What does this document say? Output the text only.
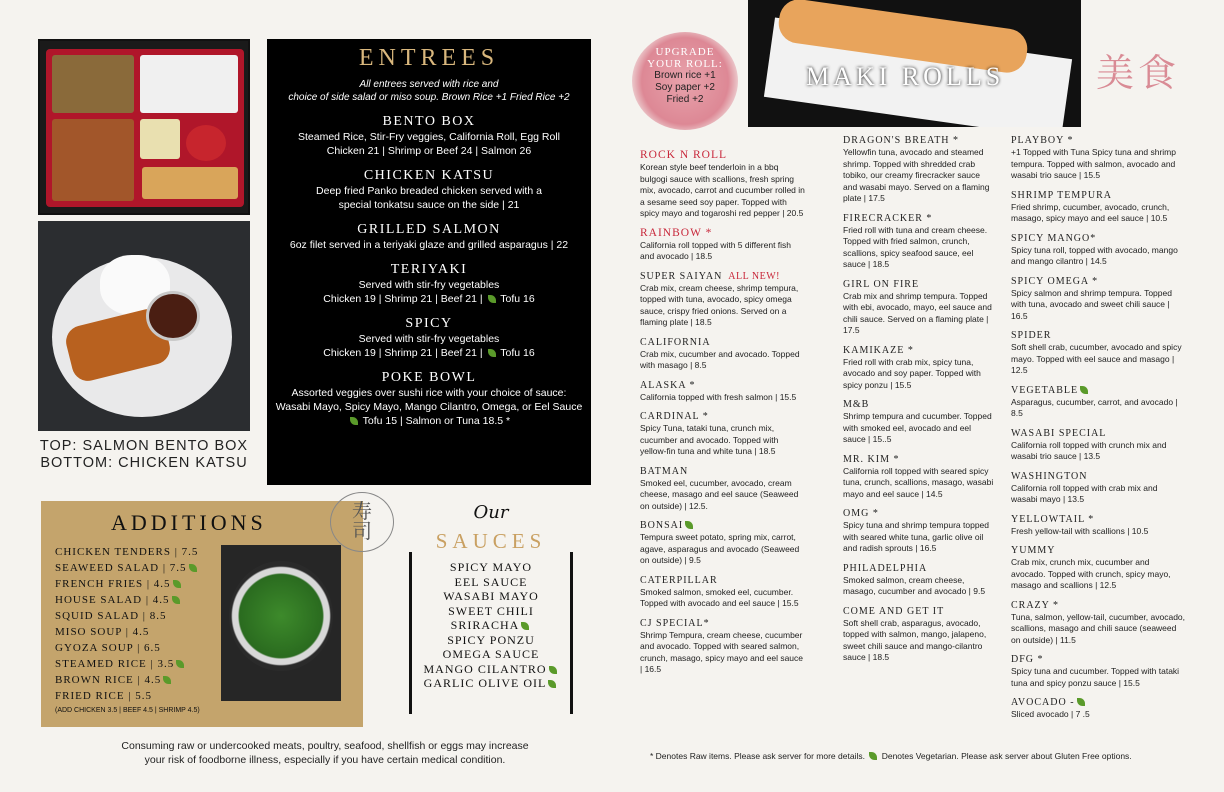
TOP: SALMON BENTO BOX
BOTTOM: CHICKEN KATSU
ENTREES
All entrees served with rice and
choice of side salad or miso soup. Brown Rice +1 Fried Rice +2
BENTO BOX
Steamed Rice, Stir-Fry veggies, California Roll, Egg Roll
Chicken 21 | Shrimp or Beef 24 | Salmon 26
CHICKEN KATSU
Deep fried Panko breaded chicken served with a
special tonkatsu sauce on the side | 21
GRILLED SALMON
6oz filet served in a teriyaki glaze and grilled asparagus | 22
TERIYAKI
Served with stir-fry vegetables
Chicken 19 | Shrimp 21 | Beef 21 | Tofu 16
SPICY
Served with stir-fry vegetables
Chicken 19 | Shrimp 21 | Beef 21 | Tofu 16
POKE BOWL
Assorted veggies over sushi rice with your choice of sauce:
Wasabi Mayo, Spicy Mayo, Mango Cilantro, Omega, or Eel Sauce
Tofu 15 | Salmon or Tuna 18.5 *
ADDITIONS
CHICKEN TENDERS | 7.5
SEAWEED SALAD | 7.5
FRENCH FRIES | 4.5
HOUSE SALAD | 4.5
SQUID SALAD | 8.5
MISO SOUP | 4.5
GYOZA SOUP | 6.5
STEAMED RICE | 3.5
BROWN RICE | 4.5
FRIED RICE | 5.5
(ADD CHICKEN 3.5 | BEEF 4.5 | SHRIMP 4.5)
寿
司
Our
SAUCES
SPICY MAYO
EEL SAUCE
WASABI MAYO
SWEET CHILI
SRIRACHA
SPICY PONZU
OMEGA SAUCE
MANGO CILANTRO
GARLIC OLIVE OIL
Consuming raw or undercooked meats, poultry, seafood, shellfish or eggs may increase
your risk of foodborne illness, especially if you have certain medical condition.
UPGRADE
YOUR ROLL:
Brown rice +1
Soy paper +2
Fried +2
MAKI ROLLS 美食
ROCK N ROLL
Korean style beef tenderloin in a bbq bulgogi sauce with scallions, fresh spring mix, avocado, carrot and cucumber rolled in a sesame seed soy paper. Topped with spicy mayo and togaroshi red pepper | 20.5
RAINBOW *
California roll topped with 5 different fish and avocado | 18.5
SUPER SAIYAN ALL NEW!
Crab mix, cream cheese, shrimp tempura, topped with tuna, avocado, spicy omega sauce, crispy fried onions. Served on a flaming plate | 18.5
CALIFORNIA
Crab mix, cucumber and avocado. Topped with masago | 8.5
ALASKA *
California topped with fresh salmon | 15.5
CARDINAL *
Spicy Tuna, tataki tuna, crunch mix, cucumber and avocado. Topped with yellow-fin tuna and white tuna | 18.5
BATMAN
Smoked eel, cucumber, avocado, cream cheese, masago and eel sauce (Seaweed on outside) | 12.5.
BONSAI
Tempura sweet potato, spring mix, carrot, agave, asparagus and avocado (Seaweed on outside) | 9.5
CATERPILLAR
Smoked salmon, smoked eel, cucumber. Topped with avocado and eel sauce | 15.5
CJ SPECIAL*
Shrimp Tempura, cream cheese, cucumber and avocado. Topped with seared salmon, crunch, masago, spicy mayo and eel sauce | 16.5
DRAGON'S BREATH *
Yellowfin tuna, avocado and steamed shrimp. Topped with shredded crab tobiko, our creamy firecracker sauce and wasabi mayo. Served on a flaming plate | 17.5
FIRECRACKER *
Fried roll with tuna and cream cheese. Topped with fried salmon, crunch, scallions, spicy seafood sauce, eel sauce | 18.5
GIRL ON FIRE
Crab mix and shrimp tempura. Topped with ebi, avocado, mayo, eel sauce and chili sauce. Served on a flaming plate | 17.5
KAMIKAZE *
Fried roll with crab mix, spicy tuna, avocado and soy paper. Topped with spicy ponzu | 15.5
M&B
Shrimp tempura and cucumber. Topped with smoked eel, avocado and eel sauce | 15..5
MR. KIM *
California roll topped with seared spicy tuna, crunch, scallions, masago, wasabi mayo and eel sauce | 14.5
OMG *
Spicy tuna and shrimp tempura topped with seared white tuna, garlic olive oil and radish sprouts | 16.5
PHILADELPHIA
Smoked salmon, cream cheese, masago, cucumber and avocado | 9.5
COME AND GET IT
Soft shell crab, asparagus, avocado, topped with salmon, mango, jalapeno, sweet chili sauce and mango-cilantro sauce | 18.5
PLAYBOY *
+1 Topped with Tuna Spicy tuna and shrimp tempura. Topped with salmon, avocado and wasabi trio sauce | 15.5
SHRIMP TEMPURA
Fried shrimp, cucumber, avocado, crunch, masago, spicy mayo and eel sauce | 10.5
SPICY MANGO*
Spicy tuna roll, topped with avocado, mango and mango cilantro | 14.5
SPICY OMEGA *
Spicy salmon and shrimp tempura. Topped with tuna, avocado and sweet chili sauce | 16.5
SPIDER
Soft shell crab, cucumber, avocado and spicy mayo. Topped with eel sauce and masago | 12.5
VEGETABLE
Asparagus, cucumber, carrot, and avocado | 8.5
WASABI SPECIAL
California roll topped with crunch mix and wasabi trio sauce | 13.5
WASHINGTON
California roll topped with crab mix and wasabi mayo | 13.5
YELLOWTAIL *
Fresh yellow-tail with scallions | 10.5
YUMMY
Crab mix, crunch mix, cucumber and avocado. Topped with crunch, spicy mayo, masago and scallions | 12.5
CRAZY *
Tuna, salmon, yellow-tail, cucumber, avocado, scallions, masago and chili sauce (seaweed on outside) | 11.5
DFG *
Spicy tuna and cucumber. Topped with tataki tuna and spicy ponzu sauce | 15.5
AVOCADO -
Sliced avocado | 7 .5
* Denotes Raw items. Please ask server for more details. Denotes Vegetarian. Please ask server about Gluten Free options.
